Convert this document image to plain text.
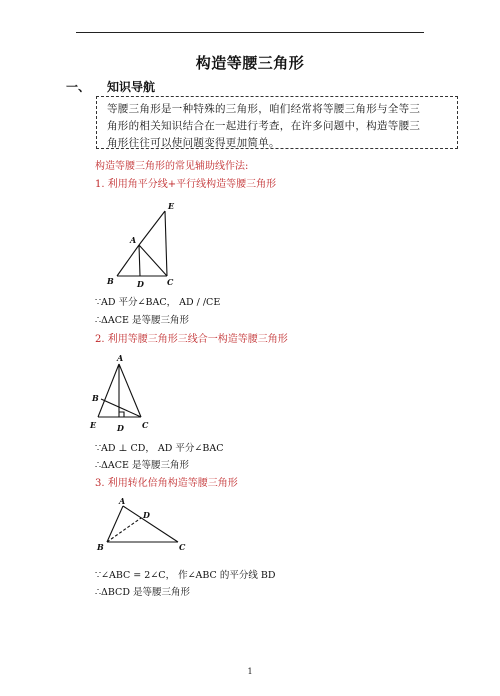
构造等腰三角形
一、 知识导航
等腰三角形是一种特殊的三角形，咱们经常将等腰三角形与全等三
角形的相关知识结合在一起进行考查，在许多问题中，构造等腰三
角形往往可以使问题变得更加简单。
构造等腰三角形的常见辅助线作法:
1. 利用角平分线+平行线构造等腰三角形
E
A
B	D	C
∵AD 平分∠BAC， AD / /CE
∴ΔACE 是等腰三角形
2. 利用等腰三角形三线合一构造等腰三角形
A
B
E	D C
∵AD ⊥ CD， AD 平分∠BAC
∴ΔACE 是等腰三角形
3. 利用转化倍角构造等腰三角形
A
D
B	C
∵∠ABC = 2∠C， 作∠ABC 的平分线 BD
∴ΔBCD 是等腰三角形
1
